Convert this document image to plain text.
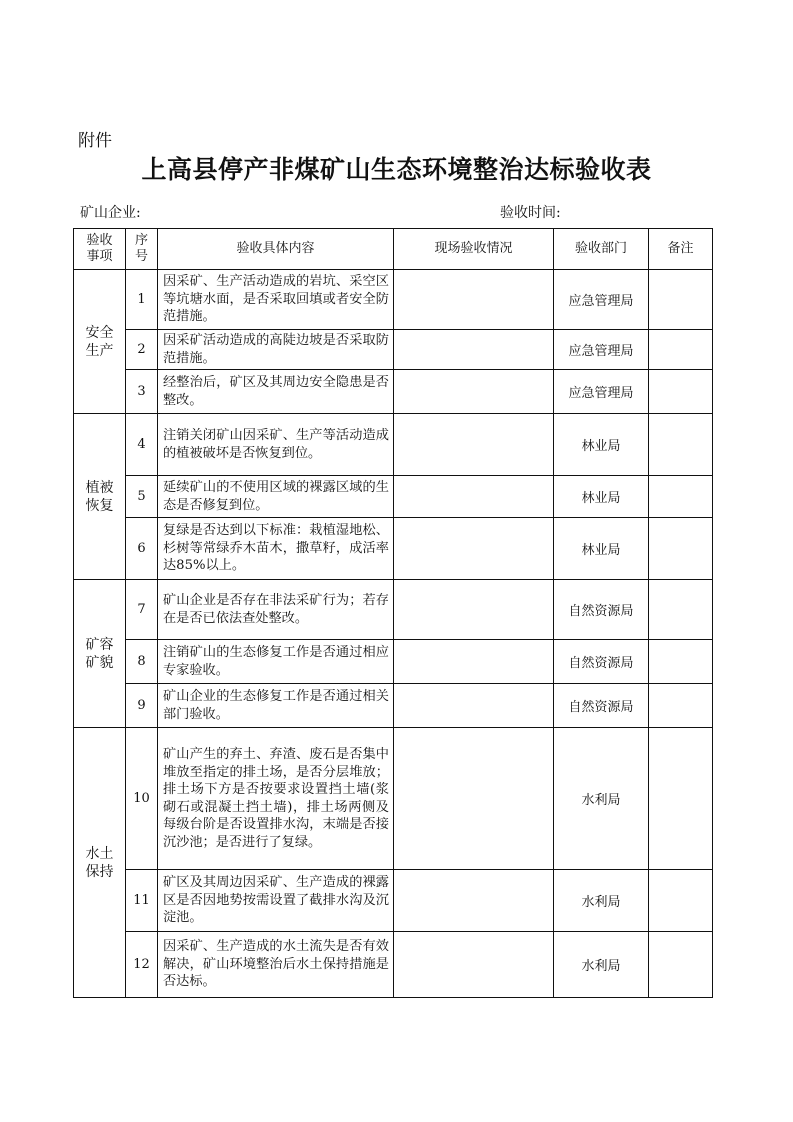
附件
上高县停产非煤矿山生态环境整治达标验收表
矿山企业:	验收时间:
验收事项	序号	验收具体内容	现场验收情况	验收部门	备注
安全生产	1	因采矿、生产活动造成的岩坑、采空区等坑塘水面，是否采取回填或者安全防范措施。		应急管理局	
	2	因采矿活动造成的高陡边坡是否采取防范措施。		应急管理局	
	3	经整治后，矿区及其周边安全隐患是否整改。		应急管理局	
植被恢复	4	注销关闭矿山因采矿、生产等活动造成的植被破坏是否恢复到位。		林业局	
	5	延续矿山的不使用区域的裸露区域的生态是否修复到位。		林业局	
	6	复绿是否达到以下标准：栽植湿地松、杉树等常绿乔木苗木，撒草籽，成活率达85%以上。		林业局	
矿容矿貌	7	矿山企业是否存在非法采矿行为；若存在是否已依法查处整改。		自然资源局	
	8	注销矿山的生态修复工作是否通过相应专家验收。		自然资源局	
	9	矿山企业的生态修复工作是否通过相关部门验收。		自然资源局	
水土保持	10	矿山产生的弃土、弃渣、废石是否集中堆放至指定的排土场，是否分层堆放；排土场下方是否按要求设置挡土墙(浆砌石或混凝土挡土墙)，排土场两侧及每级台阶是否设置排水沟，末端是否接沉沙池；是否进行了复绿。		水利局	
	11	矿区及其周边因采矿、生产造成的裸露区是否因地势按需设置了截排水沟及沉淀池。		水利局	
	12	因采矿、生产造成的水土流失是否有效解决，矿山环境整治后水土保持措施是否达标。		水利局	
